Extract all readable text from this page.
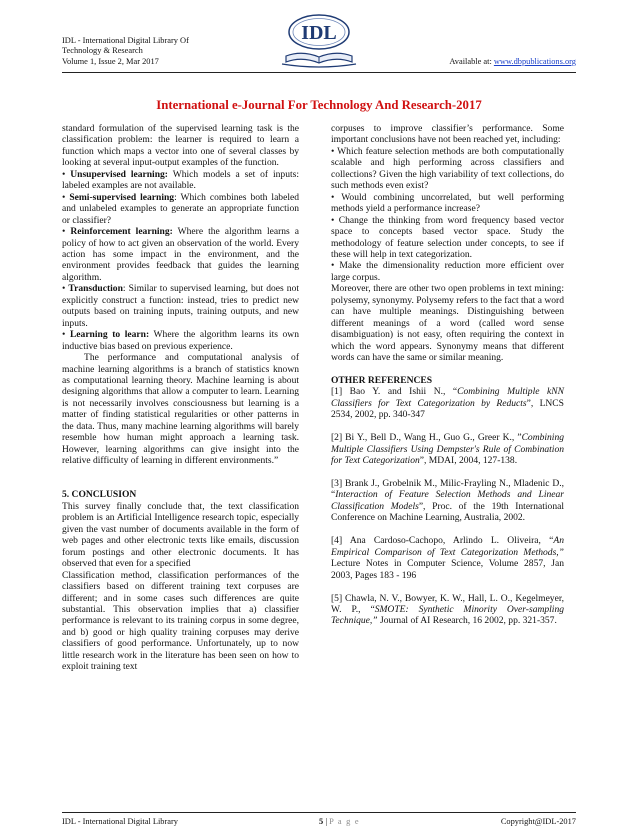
IDL - International Digital Library Of
Technology & Research
Volume 1, Issue 2, Mar 2017
IDL
Available at: www.dbpublications.org
International e-Journal For Technology And Research-2017

standard formulation of the supervised learning task is the classification problem: the learner is required to learn a function which maps a vector into one of several classes by looking at several input-output examples of the function.

• Unsupervised learning: Which models a set of inputs: labeled examples are not available.

• Semi-supervised learning: Which combines both labeled and unlabeled examples to generate an appropriate function or classifier?

• Reinforcement learning: Where the algorithm learns a policy of how to act given an observation of the world. Every action has some impact in the environment, and the environment provides feedback that guides the learning algorithm.

• Transduction: Similar to supervised learning, but does not explicitly construct a function: instead, tries to predict new outputs based on training inputs, training outputs, and new inputs.

• Learning to learn: Where the algorithm learns its own inductive bias based on previous experience.

The performance and computational analysis of machine learning algorithms is a branch of statistics known as computational learning theory. Machine learning is about designing algorithms that allow a computer to learn. Learning is not necessarily involves consciousness but learning is a matter of finding statistical regularities or other patterns in the data. Thus, many machine learning algorithms will barely resemble how human might approach a learning task. However, learning algorithms can give insight into the relative difficulty of learning in different environments.”

5. CONCLUSION

This survey finally conclude that, the text classification problem is an Artificial Intelligence research topic, especially given the vast number of documents available in the form of web pages and other electronic texts like emails, discussion forum postings and other electronic documents. It has observed that even for a specified

Classification method, classification performances of the classifiers based on different training text corpuses are different; and in some cases such differences are quite substantial. This observation implies that a) classifier performance is relevant to its training corpus in some degree, and b) good or high quality training corpuses may derive classifiers of good performance. Unfortunately, up to now little research work in the literature has been seen on how to exploit training text

corpuses to improve classifier’s performance. Some important conclusions have not been reached yet, including:

• Which feature selection methods are both computationally scalable and high performing across classifiers and collections? Given the high variability of text collections, do such methods even exist?

• Would combining uncorrelated, but well performing methods yield a performance increase?

• Change the thinking from word frequency based vector space to concepts based vector space. Study the methodology of feature selection under concepts, to see if these will help in text categorization.

• Make the dimensionality reduction more efficient over large corpus.

Moreover, there are other two open problems in text mining: polysemy, synonymy. Polysemy refers to the fact that a word can have multiple meanings. Distinguishing between different meanings of a word (called word sense disambiguation) is not easy, often requiring the context in which the word appears. Synonymy means that different words can have the same or similar meaning.

OTHER REFERENCES

[1] Bao Y. and Ishii N., “Combining Multiple kNN Classifiers for Text Categorization by Reducts”, LNCS 2534, 2002, pp. 340-347

[2] Bi Y., Bell D., Wang H., Guo G., Greer K., ”Combining Multiple Classifiers Using Dempster's Rule of Combination for Text Categorization”, MDAI, 2004, 127-138.

[3] Brank J., Grobelnik M., Milic-Frayling N., Mladenic D., “Interaction of Feature Selection Methods and Linear Classification Models”, Proc. of the 19th International Conference on Machine Learning, Australia, 2002.

[4] Ana Cardoso-Cachopo, Arlindo L. Oliveira, “An Empirical Comparison of Text Categorization Methods,” Lecture Notes in Computer Science, Volume 2857, Jan 2003, Pages 183 - 196

[5] Chawla, N. V., Bowyer, K. W., Hall, L. O., Kegelmeyer, W. P., “SMOTE: Synthetic Minority Over-sampling Technique,” Journal of AI Research, 16 2002, pp. 321-357.

IDL - International Digital Library	5 | P a g e	Copyright@IDL-2017
